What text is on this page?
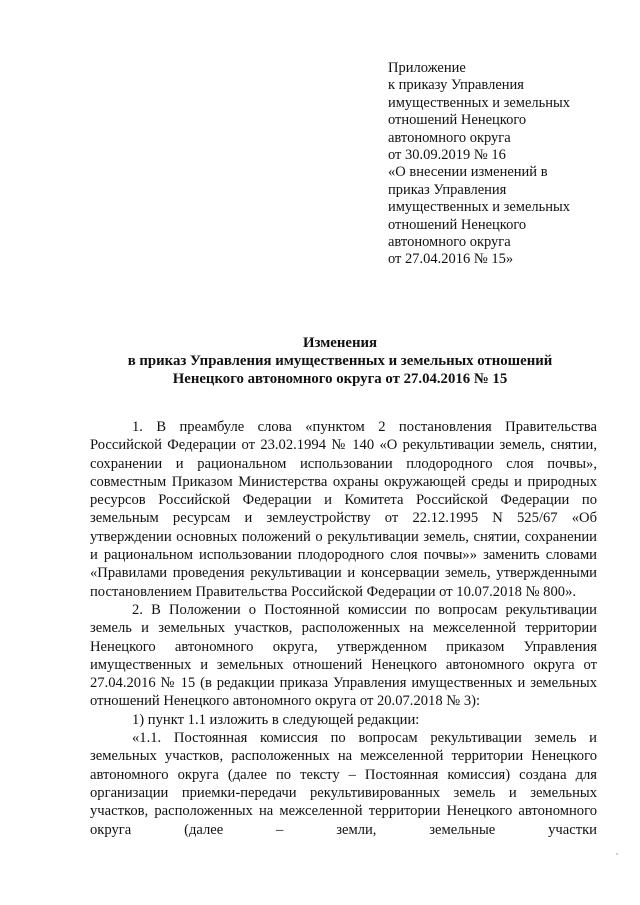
Приложение
к приказу Управления
имущественных и земельных
отношений Ненецкого
автономного округа
от 30.09.2019 № 16
«О внесении изменений в
приказ Управления
имущественных и земельных
отношений Ненецкого
автономного округа
от 27.04.2016 № 15»
Изменения
в приказ Управления имущественных и земельных отношений
Ненецкого автономного округа от 27.04.2016 № 15

1. В преамбуле слова «пунктом 2 постановления Правительства Российской Федерации от 23.02.1994 № 140 «О рекультивации земель, снятии, сохранении и рациональном использовании плодородного слоя почвы», совместным Приказом Министерства охраны окружающей среды и природных ресурсов Российской Федерации и Комитета Российской Федерации по земельным ресурсам и землеустройству от 22.12.1995 N 525/67 «Об утверждении основных положений о рекультивации земель, снятии, сохранении и рациональном использовании плодородного слоя почвы»» заменить словами «Правилами проведения рекультивации и консервации земель, утвержденными постановлением Правительства Российской Федерации от 10.07.2018 № 800».

2. В Положении о Постоянной комиссии по вопросам рекультивации земель и земельных участков, расположенных на межселенной территории Ненецкого автономного округа, утвержденном приказом Управления имущественных и земельных отношений Ненецкого автономного округа от 27.04.2016 № 15 (в редакции приказа Управления имущественных и земельных отношений Ненецкого автономного округа от 20.07.2018 № 3):

1) пункт 1.1 изложить в следующей редакции:

«1.1. Постоянная комиссия по вопросам рекультивации земель и земельных участков, расположенных на межселенной территории Ненецкого автономного округа (далее по тексту – Постоянная комиссия) создана для организации приемки-передачи рекультивированных земель и земельных участков, расположенных на межселенной территории Ненецкого автономного округа (далее – земли, земельные участки
